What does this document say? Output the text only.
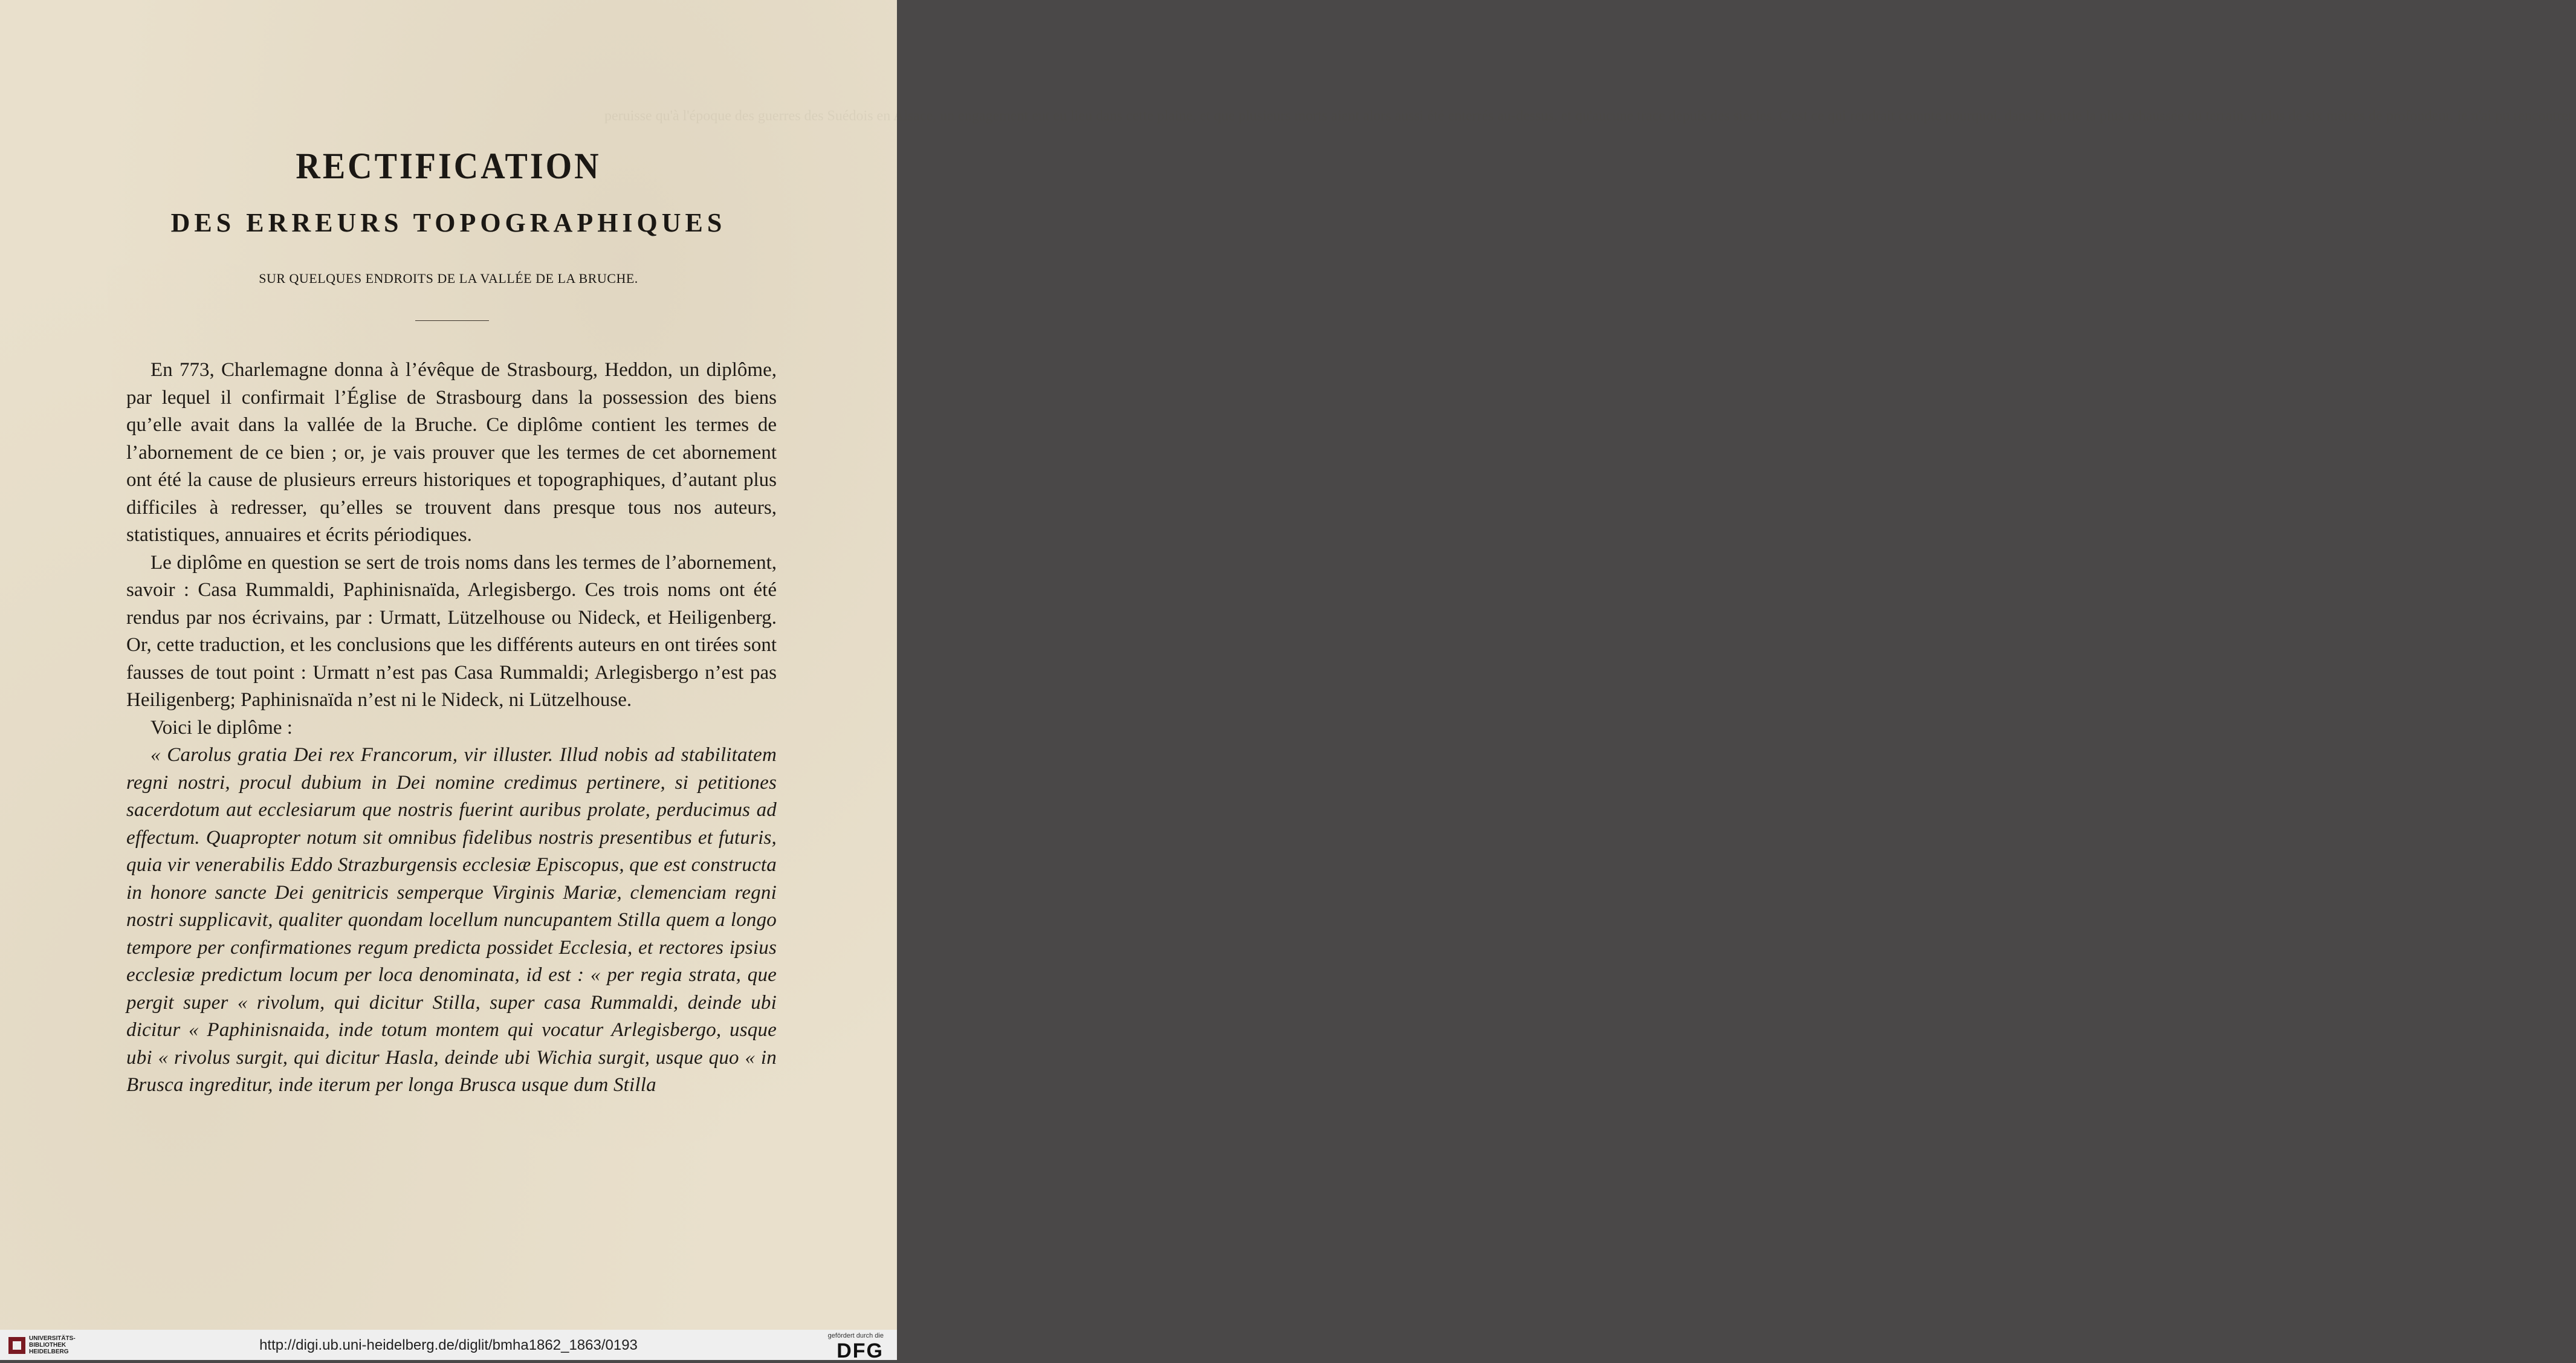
peruisse qu'à l'époque des guerres des Suédois en Alsace, un engagement eut eu lieu dans cette plaine, et que plusieurs morts aient alors aussi été enterrés au-dessus, et qu'aucune trace depuis des siècles. C'est ce qui rendrait compte pourquoi, dans la partie la plus rehaussée du terrain, à plus de six mètres de profondeur, je n'ai pu rencontrer.
RECTIFICATION
DES ERREURS TOPOGRAPHIQUES
SUR QUELQUES ENDROITS DE LA VALLÉE DE LA BRUCHE.

En 773, Charlemagne donna à l’évêque de Strasbourg, Heddon, un diplôme, par lequel il confirmait l’Église de Strasbourg dans la possession des biens qu’elle avait dans la vallée de la Bruche. Ce diplôme contient les termes de l’abornement de ce bien ; or, je vais prouver que les termes de cet abornement ont été la cause de plusieurs erreurs historiques et topographiques, d’autant plus difficiles à redresser, qu’elles se trouvent dans presque tous nos auteurs, statistiques, annuaires et écrits périodiques.

Le diplôme en question se sert de trois noms dans les termes de l’abornement, savoir : Casa Rummaldi, Paphinisnaïda, Arlegisbergo. Ces trois noms ont été rendus par nos écrivains, par : Urmatt, Lützelhouse ou Nideck, et Heiligenberg. Or, cette traduction, et les conclusions que les différents auteurs en ont tirées sont fausses de tout point : Urmatt n’est pas Casa Rummaldi; Arlegisbergo n’est pas Heiligenberg; Paphinisnaïda n’est ni le Nideck, ni Lützelhouse.

Voici le diplôme :

« Carolus gratia Dei rex Francorum, vir illuster. Illud nobis ad stabilitatem regni nostri, procul dubium in Dei nomine credimus pertinere, si petitiones sacerdotum aut ecclesiarum que nostris fuerint auribus prolate, perducimus ad effectum. Quapropter notum sit omnibus fidelibus nostris presentibus et futuris, quia vir venerabilis Eddo Strazburgensis ecclesiæ Episcopus, que est constructa in honore sancte Dei genitricis semperque Virginis Mariæ, clemenciam regni nostri supplicavit, qualiter quondam locellum nuncupantem Stilla quem a longo tempore per confirmationes regum predicta possidet Ecclesia, et rectores ipsius ecclesiæ predictum locum per loca denominata, id est : « per regia strata, que pergit super « rivolum, qui dicitur Stilla, super casa Rummaldi, deinde ubi dicitur « Paphinisnaida, inde totum montem qui vocatur Arlegisbergo, usque ubi « rivolus surgit, qui dicitur Hasla, deinde ubi Wichia surgit, usque quo « in Brusca ingreditur, inde iterum per longa Brusca usque dum Stilla

UNIVERSITÄTS-
BIBLIOTHEK
HEIDELBERG	http://digi.ub.uni-heidelberg.de/diglit/bmha1862_1863/0193
gefördert durch die
DFG
